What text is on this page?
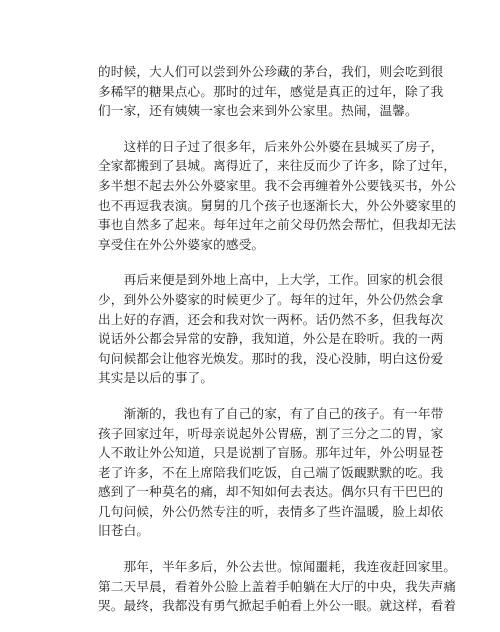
的时候，大人们可以尝到外公珍藏的茅台，我们，则会吃到很
多稀罕的糖果点心。那时的过年，感觉是真正的过年，除了我
们一家，还有姨姨一家也会来到外公家里。热闹，温馨。
　　这样的日子过了很多年，后来外公外婆在县城买了房子，
全家都搬到了县城。离得近了，来往反而少了许多，除了过年，
多半想不起去外公外婆家里。我不会再缠着外公要钱买书，外公
也不再逗我表演。舅舅的几个孩子也逐渐长大，外公外婆家里的
事也自然多了起来。每年过年之前父母仍然会帮忙，但我却无法
享受住在外公外婆家的感受。
　　再后来便是到外地上高中，上大学，工作。回家的机会很
少，到外公外婆家的时候更少了。每年的过年，外公仍然会拿
出上好的存酒，还会和我对饮一两杯。话仍然不多，但我每次
说话外公都会异常的安静，我知道，外公是在聆听。我的一两
句问候都会让他容光焕发。那时的我，没心没肺，明白这份爱
其实是以后的事了。
　　渐渐的，我也有了自己的家，有了自己的孩子。有一年带
孩子回家过年，听母亲说起外公胃癌，割了三分之二的胃，家
人不敢让外公知道，只是说割了盲肠。那年过年，外公明显苍
老了许多，不在上席陪我们吃饭，自己端了饭靦默默的吃。我
感到了一种莫名的痛，却不知如何去表达。偶尔只有干巴巴的
几句问候，外公仍然专注的听，表情多了些许温暖，脸上却依
旧苍白。
　　那年，半年多后，外公去世。惊闻噩耗，我连夜赶回家里。
第二天早晨，看着外公脸上盖着手帕躺在大厅的中央，我失声痛
哭。最终，我都没有勇气掀起手帕看上外公一眼。就这样，看着
